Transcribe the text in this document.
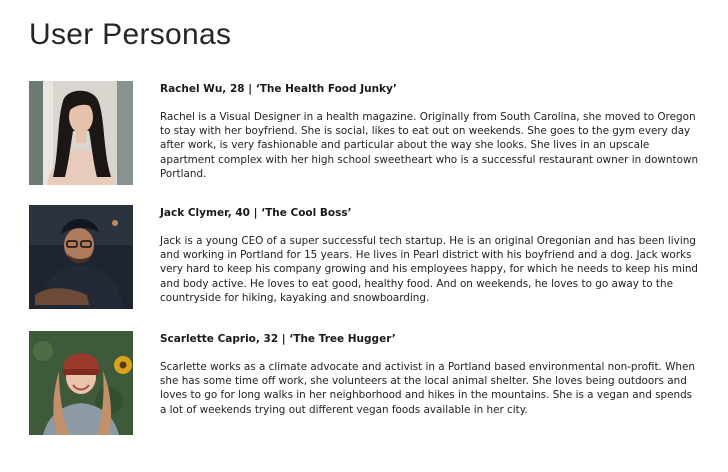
User Personas

Rachel Wu, 28 | ‘The Health Food Junky’

Rachel is a Visual Designer in a health magazine. Originally from South Carolina, she moved to Oregon to stay with her boyfriend. She is social, likes to eat out on weekends. She goes to the gym every day after work, is very fashionable and particular about the way she looks. She lives in an upscale apartment complex with her high school sweetheart who is a successful restaurant owner in downtown Portland.

Jack Clymer, 40 | ‘The Cool Boss’

Jack is a young CEO of a super successful tech startup. He is an original Oregonian and has been living and working in Portland for 15 years. He lives in Pearl district with his boyfriend and a dog. Jack works very hard to keep his company growing and his employees happy, for which he needs to keep his mind and body active. He loves to eat good, healthy food. And on weekends, he loves to go away to the countryside for hiking, kayaking and snowboarding.

Scarlette Caprio, 32 | ‘The Tree Hugger’

Scarlette works as a climate advocate and activist in a Portland based environmental non-profit. When she has some time off work, she volunteers at the local animal shelter. She loves being outdoors and loves to go for long walks in her neighborhood and hikes in the mountains. She is a vegan and spends a lot of weekends trying out different vegan foods available in her city.
